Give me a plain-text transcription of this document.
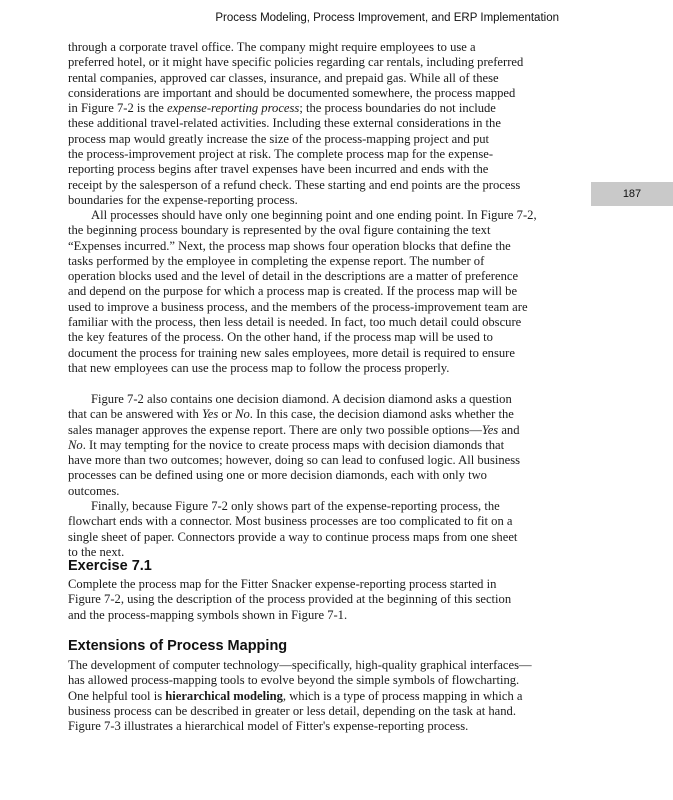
Process Modeling, Process Improvement, and ERP Implementation
187
through a corporate travel office. The company might require employees to use a
preferred hotel, or it might have specific policies regarding car rentals, including preferred
rental companies, approved car classes, insurance, and prepaid gas. While all of these
considerations are important and should be documented somewhere, the process mapped
in Figure 7-2 is the expense-reporting process; the process boundaries do not include
these additional travel-related activities. Including these external considerations in the
process map would greatly increase the size of the process-mapping project and put
the process-improvement project at risk. The complete process map for the expense-
reporting process begins after travel expenses have been incurred and ends with the
receipt by the salesperson of a refund check. These starting and end points are the process
boundaries for the expense-reporting process.
All processes should have only one beginning point and one ending point. In Figure 7-2,
the beginning process boundary is represented by the oval figure containing the text
“Expenses incurred.” Next, the process map shows four operation blocks that define the
tasks performed by the employee in completing the expense report. The number of
operation blocks used and the level of detail in the descriptions are a matter of preference
and depend on the purpose for which a process map is created. If the process map will be
used to improve a business process, and the members of the process-improvement team are
familiar with the process, then less detail is needed. In fact, too much detail could obscure
the key features of the process. On the other hand, if the process map will be used to
document the process for training new sales employees, more detail is required to ensure
that new employees can use the process map to follow the process properly.
Figure 7-2 also contains one decision diamond. A decision diamond asks a question
that can be answered with Yes or No. In this case, the decision diamond asks whether the
sales manager approves the expense report. There are only two possible options—Yes and
No. It may tempting for the novice to create process maps with decision diamonds that
have more than two outcomes; however, doing so can lead to confused logic. All business
processes can be defined using one or more decision diamonds, each with only two
outcomes.
Finally, because Figure 7-2 only shows part of the expense-reporting process, the
flowchart ends with a connector. Most business processes are too complicated to fit on a
single sheet of paper. Connectors provide a way to continue process maps from one sheet
to the next.
Exercise 7.1
Complete the process map for the Fitter Snacker expense-reporting process started in
Figure 7-2, using the description of the process provided at the beginning of this section
and the process-mapping symbols shown in Figure 7-1.
Extensions of Process Mapping
The development of computer technology—specifically, high-quality graphical interfaces—
has allowed process-mapping tools to evolve beyond the simple symbols of flowcharting.
One helpful tool is hierarchical modeling, which is a type of process mapping in which a
business process can be described in greater or less detail, depending on the task at hand.
Figure 7-3 illustrates a hierarchical model of Fitter's expense-reporting process.
